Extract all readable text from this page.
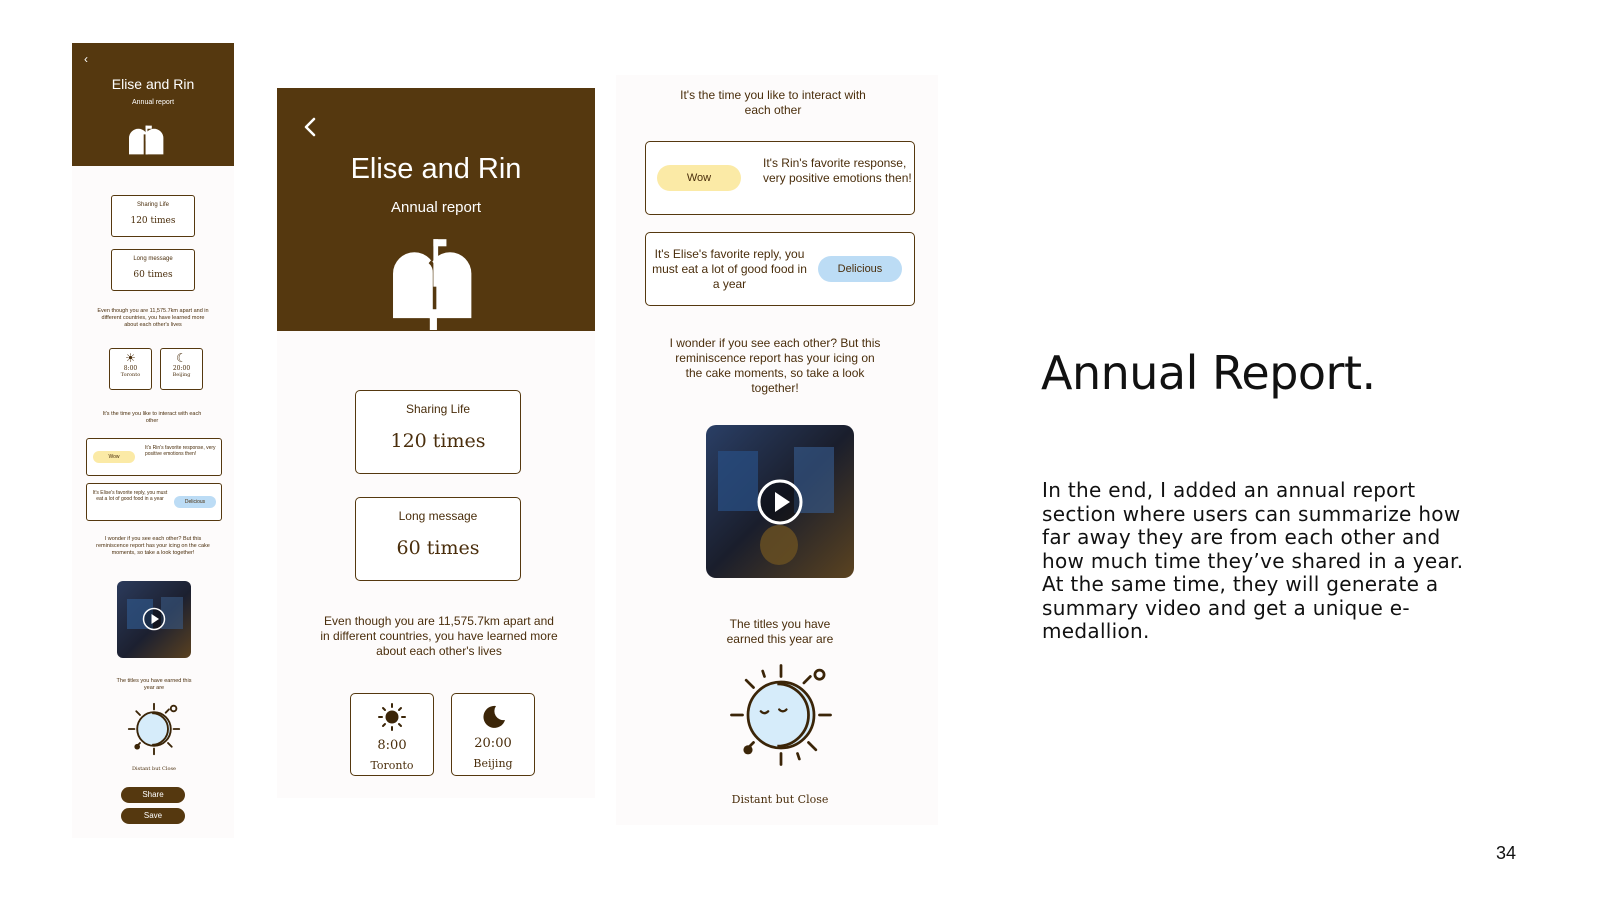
‹
Elise and Rin
Annual report
Sharing Life
120 times
Long message
60 times
Even though you are 11,575.7km apart and in different countries, you have learned more about each other's lives
☀
8:00
Toronto
☾
20:00
Beijing
It's the time you like to interact with each other
Wow
It's Rin's favorite response, very positive emotions then!
It's Elise's favorite reply, you must eat a lot of good food in a year	Delicious
I wonder if you see each other? But this reminiscence report has your icing on the cake moments, so take a look together!
The titles you have earned this year are
Distant but Close
Share
Save
Elise and Rin
Annual report
Sharing Life
120 times
Long message
60 times
Even though you are 11,575.7km apart and in different countries, you have learned more about each other's lives
8:00
Toronto
20:00
Beijing
It's the time you like to interact with each other
Wow
It's Rin's favorite response, very positive emotions then!
It's Elise's favorite reply, you must eat a lot of good food in a year
Delicious
I wonder if you see each other? But this reminiscence report has your icing on the cake moments, so take a look together!
The titles you have earned this year are
Distant but Close
Annual Report.
In the end, I added an annual report section where users can summarize how far away they are from each other and how much time they’ve shared in a year. At the same time, they will generate a summary video and get a unique e-medallion.
34
